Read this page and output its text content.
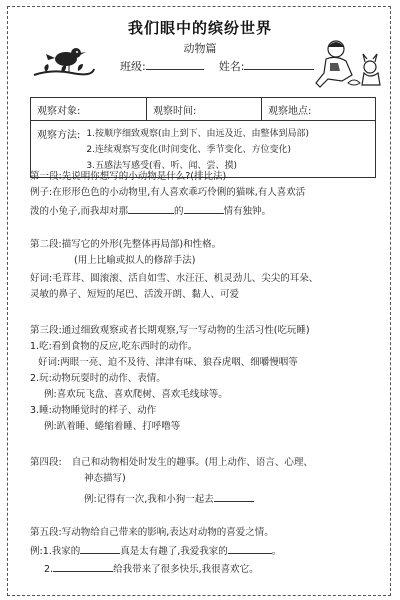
我们眼中的缤纷世界
动物篇
班级:	姓名:
观察对象:	观察时间:	观察地点:
观察方法: 1.按顺序细致观察(由上到下、由远及近、由整体到局部)
2.连续观察写变化(时间变化、季节变化、方位变化)
3.五感法写感受(看、听、闻、尝、摸)
第一段:先说明你想写的小动物是什么?(排比法)
例子:在形形色色的小动物里,有人喜欢乖巧伶俐的猫咪,有人喜欢活
泼的小兔子,而我却对那	的	情有独钟。
第二段:描写它的外形(先整体再局部)和性格。
(用上比喻或拟人的修辞手法)
好词:毛茸茸、圆滚滚、活自如雪、水汪汪、机灵劲儿、尖尖的耳朵、
灵敏的鼻子、短短的尾巴、活泼开朗、黏人、可爱
第三段:通过细致观察或者长期观察,写一写动物的生活习性(吃玩睡)
1.吃:看到食物的反应,吃东西时的动作。
好词:两眼一亮、迫不及待、津津有味、狼吞虎咽、细嚼慢咽等
2.玩:动物玩耍时的动作、表情。
例:喜欢玩飞盘、喜欢爬树、喜欢毛线球等。
3.睡:动物睡觉时的样子、动作
例:趴着睡、蜷缩着睡、打呼噜等
第四段: 自己和动物相处时发生的趣事。(用上动作、语言、心理、
神态描写)
例:记得有一次,我和小狗一起去
第五段:写动物给自己带来的影响,表达对动物的喜爱之情。
例:1.我家的	真是太有趣了,我爱我家的	。
2.	给我带来了很多快乐,我很喜欢它。
